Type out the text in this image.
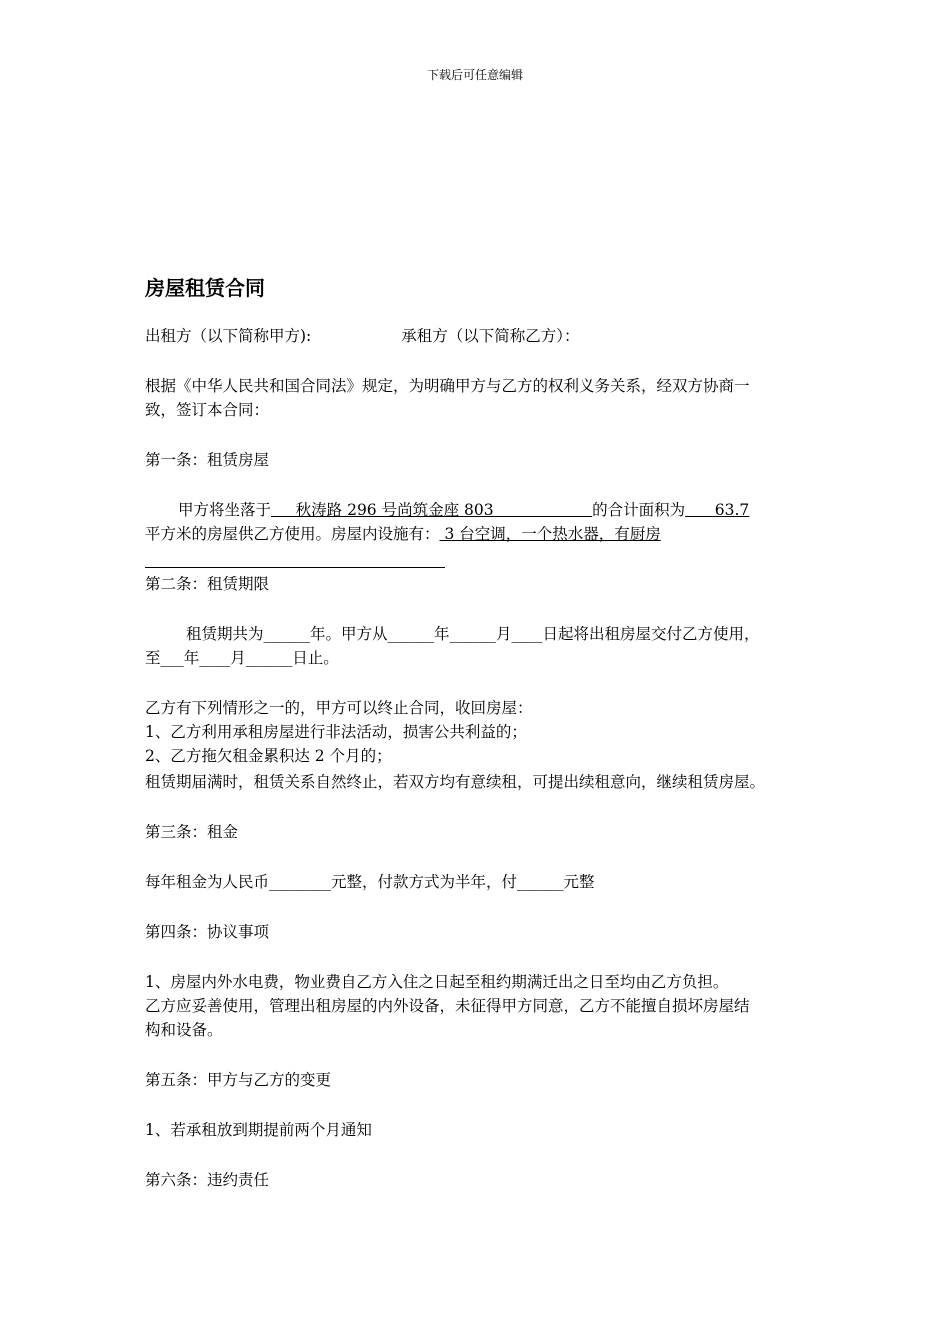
下载后可任意编辑
房屋租赁合同
出租方（以下简称甲方):	承租方（以下简称乙方）：
根据《中华人民共和国合同法》规定，为明确甲方与乙方的权利义务关系，经双方协商一
致，签订本合同：
第一条：租赁房屋
甲方将坐落于     秋涛路 296 号尚筑金座 803                    的合计面积为      63.7
平方米的房屋供乙方使用。房屋内设施有： 3 台空调，一个热水器，有厨房
第二条：租赁期限
租赁期共为______年。甲方从______年______月____日起将出租房屋交付乙方使用，
至___年____月______日止。
乙方有下列情形之一的，甲方可以终止合同，收回房屋：
1、乙方利用承租房屋进行非法活动，损害公共利益的；
2、乙方拖欠租金累积达 2 个月的；
租赁期届满时，租赁关系自然终止，若双方均有意续租，可提出续租意向，继续租赁房屋。
第三条：租金
每年租金为人民币________元整，付款方式为半年，付______元整
第四条：协议事项
1、房屋内外水电费，物业费自乙方入住之日起至租约期满迁出之日至均由乙方负担。
乙方应妥善使用，管理出租房屋的内外设备，未征得甲方同意，乙方不能擅自损坏房屋结
构和设备。
第五条：甲方与乙方的变更
1、若承租放到期提前两个月通知
第六条：违约责任
